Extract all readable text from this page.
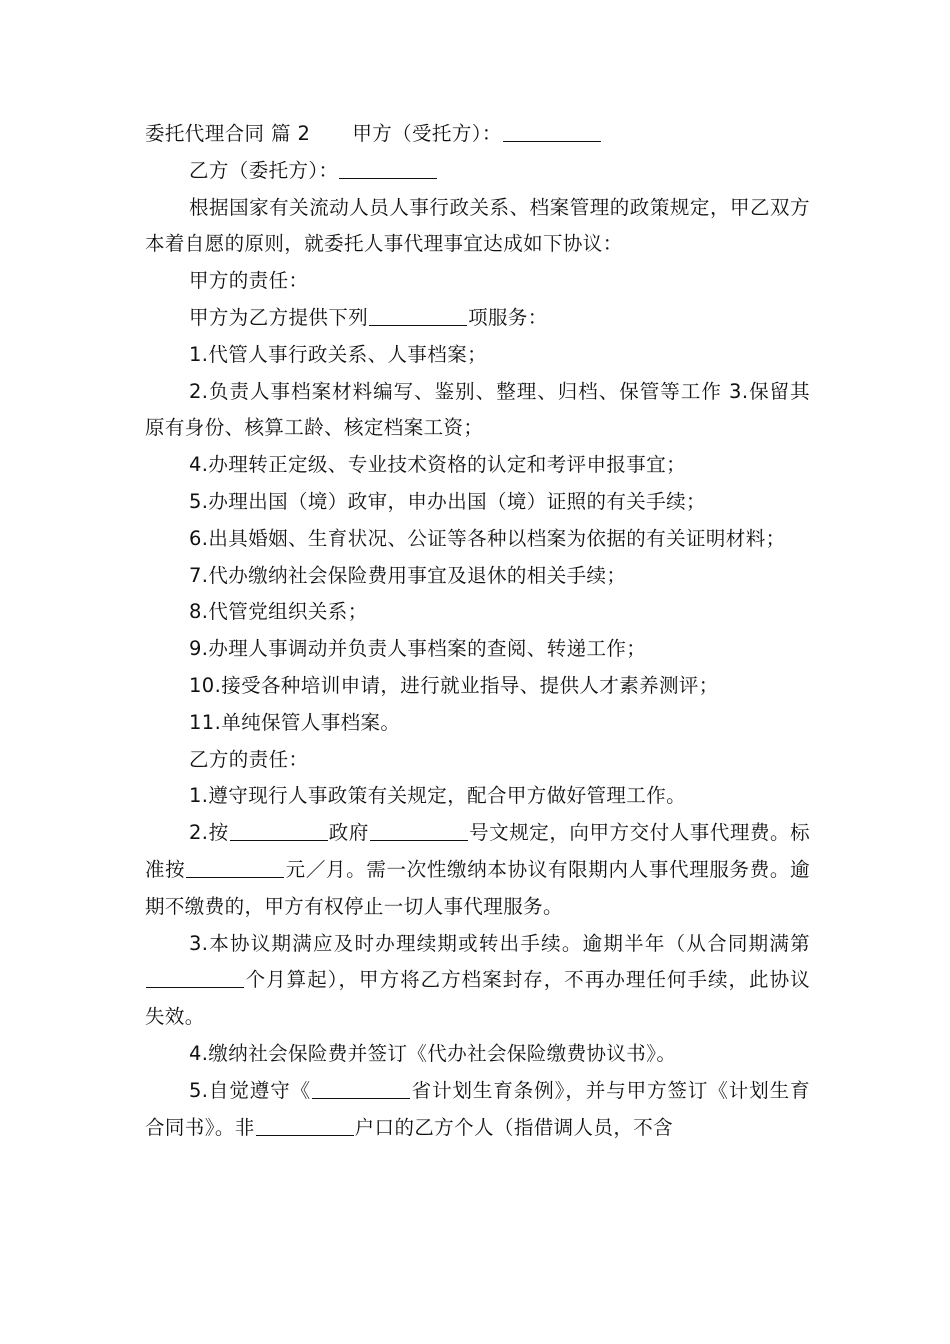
委托代理合同 篇 2 甲方（受托方）：

乙方（委托方）：

根据国家有关流动人员人事行政关系、档案管理的政策规定，甲乙双方本着自愿的原则，就委托人事代理事宜达成如下协议：

甲方的责任：

甲方为乙方提供下列	项服务：

1.代管人事行政关系、人事档案；

2.负责人事档案材料编写、鉴别、整理、归档、保管等工作 3.保留其原有身份、核算工龄、核定档案工资；

4.办理转正定级、专业技术资格的认定和考评申报事宜；

5.办理出国（境）政审，申办出国（境）证照的有关手续；

6.出具婚姻、生育状况、公证等各种以档案为依据的有关证明材料；

7.代办缴纳社会保险费用事宜及退休的相关手续；

8.代管党组织关系；

9.办理人事调动并负责人事档案的查阅、转递工作；

10.接受各种培训申请，进行就业指导、提供人才素养测评；

11.单纯保管人事档案。

乙方的责任：

1.遵守现行人事政策有关规定，配合甲方做好管理工作。

2.按	政府	号文规定，向甲方交付人事代理费。标准按	元／月。需一次性缴纳本协议有限期内人事代理服务费。逾期不缴费的，甲方有权停止一切人事代理服务。

3.本协议期满应及时办理续期或转出手续。逾期半年（从合同期满第个月算起），甲方将乙方档案封存，不再办理任何手续，此协议失效。

4.缴纳社会保险费并签订《代办社会保险缴费协议书》。

5.自觉遵守《	省计划生育条例》，并与甲方签订《计划生育合同书》。非	户口的乙方个人（指借调人员，不含
